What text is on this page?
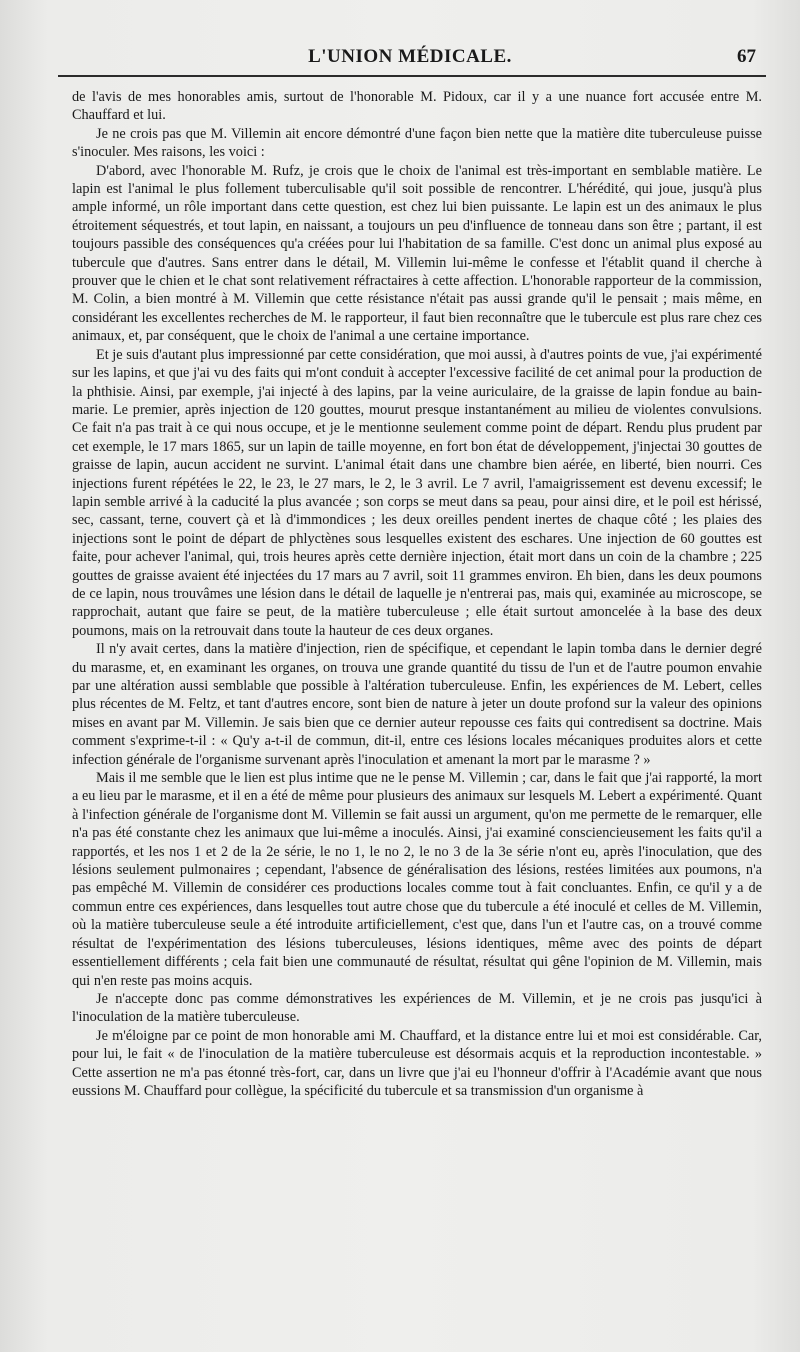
L'UNION MÉDICALE.	67

de l'avis de mes honorables amis, surtout de l'honorable M. Pidoux, car il y a une nuance fort accusée entre M. Chauffard et lui.

Je ne crois pas que M. Villemin ait encore démontré d'une façon bien nette que la matière dite tuberculeuse puisse s'inoculer. Mes raisons, les voici :

D'abord, avec l'honorable M. Rufz, je crois que le choix de l'animal est très-important en semblable matière. Le lapin est l'animal le plus follement tuberculisable qu'il soit possible de rencontrer. L'hérédité, qui joue, jusqu'à plus ample informé, un rôle important dans cette question, est chez lui bien puissante. Le lapin est un des animaux le plus étroitement séquestrés, et tout lapin, en naissant, a toujours un peu d'influence de tonneau dans son être ; partant, il est toujours passible des conséquences qu'a créées pour lui l'habitation de sa famille. C'est donc un animal plus exposé au tubercule que d'autres. Sans entrer dans le détail, M. Villemin lui-même le confesse et l'établit quand il cherche à prouver que le chien et le chat sont relativement réfractaires à cette affection. L'honorable rapporteur de la commission, M. Colin, a bien montré à M. Villemin que cette résistance n'était pas aussi grande qu'il le pensait ; mais même, en considérant les excellentes recherches de M. le rapporteur, il faut bien reconnaître que le tubercule est plus rare chez ces animaux, et, par conséquent, que le choix de l'animal a une certaine importance.

Et je suis d'autant plus impressionné par cette considération, que moi aussi, à d'autres points de vue, j'ai expérimenté sur les lapins, et que j'ai vu des faits qui m'ont conduit à accepter l'excessive facilité de cet animal pour la production de la phthisie. Ainsi, par exemple, j'ai injecté à des lapins, par la veine auriculaire, de la graisse de lapin fondue au bain-marie. Le premier, après injection de 120 gouttes, mourut presque instantanément au milieu de violentes convulsions. Ce fait n'a pas trait à ce qui nous occupe, et je le mentionne seulement comme point de départ. Rendu plus prudent par cet exemple, le 17 mars 1865, sur un lapin de taille moyenne, en fort bon état de développement, j'injectai 30 gouttes de graisse de lapin, aucun accident ne survint. L'animal était dans une chambre bien aérée, en liberté, bien nourri. Ces injections furent répétées le 22, le 23, le 27 mars, le 2, le 3 avril. Le 7 avril, l'amaigrissement est devenu excessif; le lapin semble arrivé à la caducité la plus avancée ; son corps se meut dans sa peau, pour ainsi dire, et le poil est hérissé, sec, cassant, terne, couvert çà et là d'immondices ; les deux oreilles pendent inertes de chaque côté ; les plaies des injections sont le point de départ de phlyctènes sous lesquelles existent des eschares. Une injection de 60 gouttes est faite, pour achever l'animal, qui, trois heures après cette dernière injection, était mort dans un coin de la chambre ; 225 gouttes de graisse avaient été injectées du 17 mars au 7 avril, soit 11 grammes environ. Eh bien, dans les deux poumons de ce lapin, nous trouvâmes une lésion dans le détail de laquelle je n'entrerai pas, mais qui, examinée au microscope, se rapprochait, autant que faire se peut, de la matière tuberculeuse ; elle était surtout amoncelée à la base des deux poumons, mais on la retrouvait dans toute la hauteur de ces deux organes.

Il n'y avait certes, dans la matière d'injection, rien de spécifique, et cependant le lapin tomba dans le dernier degré du marasme, et, en examinant les organes, on trouva une grande quantité du tissu de l'un et de l'autre poumon envahie par une altération aussi semblable que possible à l'altération tuberculeuse. Enfin, les expériences de M. Lebert, celles plus récentes de M. Feltz, et tant d'autres encore, sont bien de nature à jeter un doute profond sur la valeur des opinions mises en avant par M. Villemin. Je sais bien que ce dernier auteur repousse ces faits qui contredisent sa doctrine. Mais comment s'exprime-t-il : « Qu'y a-t-il de commun, dit-il, entre ces lésions locales mécaniques produites alors et cette infection générale de l'organisme survenant après l'inoculation et amenant la mort par le marasme ? »

Mais il me semble que le lien est plus intime que ne le pense M. Villemin ; car, dans le fait que j'ai rapporté, la mort a eu lieu par le marasme, et il en a été de même pour plusieurs des animaux sur lesquels M. Lebert a expérimenté. Quant à l'infection générale de l'organisme dont M. Villemin se fait aussi un argument, qu'on me permette de le remarquer, elle n'a pas été constante chez les animaux que lui-même a inoculés. Ainsi, j'ai examiné consciencieusement les faits qu'il a rapportés, et les nos 1 et 2 de la 2e série, le no 1, le no 2, le no 3 de la 3e série n'ont eu, après l'inoculation, que des lésions seulement pulmonaires ; cependant, l'absence de généralisation des lésions, restées limitées aux poumons, n'a pas empêché M. Villemin de considérer ces productions locales comme tout à fait concluantes. Enfin, ce qu'il y a de commun entre ces expériences, dans lesquelles tout autre chose que du tubercule a été inoculé et celles de M. Villemin, où la matière tuberculeuse seule a été introduite artificiellement, c'est que, dans l'un et l'autre cas, on a trouvé comme résultat de l'expérimentation des lésions tuberculeuses, lésions identiques, même avec des points de départ essentiellement différents ; cela fait bien une communauté de résultat, résultat qui gêne l'opinion de M. Villemin, mais qui n'en reste pas moins acquis.

Je n'accepte donc pas comme démonstratives les expériences de M. Villemin, et je ne crois pas jusqu'ici à l'inoculation de la matière tuberculeuse.

Je m'éloigne par ce point de mon honorable ami M. Chauffard, et la distance entre lui et moi est considérable. Car, pour lui, le fait « de l'inoculation de la matière tuberculeuse est désormais acquis et la reproduction incontestable. » Cette assertion ne m'a pas étonné très-fort, car, dans un livre que j'ai eu l'honneur d'offrir à l'Académie avant que nous eussions M. Chauffard pour collègue, la spécificité du tubercule et sa transmission d'un organisme à
